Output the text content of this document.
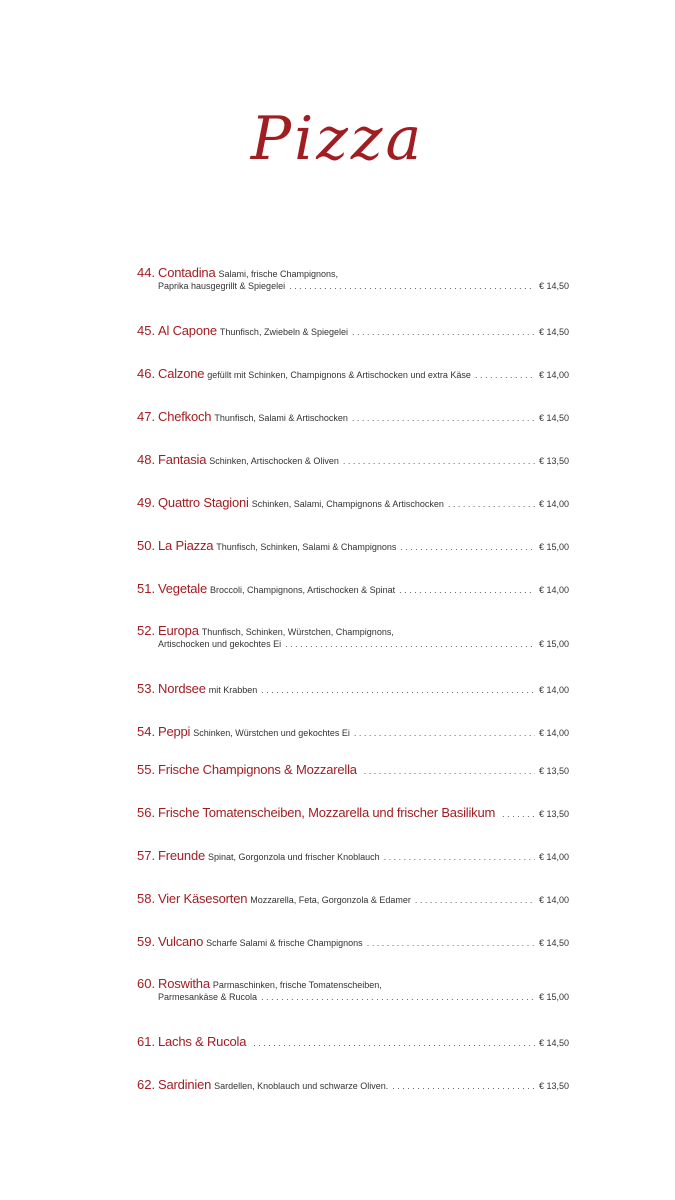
Pizza
44. Contadina Salami, frische Champignons,
Paprika hausgegrillt & Spiegelei . . .	€ 14,50
45. Al Capone Thunfisch, Zwiebeln & Spiegelei . . .	€ 14,50
46. Calzone gefüllt mit Schinken, Champignons & Artischocken und extra Käse . . .	€ 14,00
47. Chefkoch Thunfisch, Salami & Artischocken . . .	€ 14,50
48. Fantasia Schinken, Artischocken & Oliven . . .	€ 13,50
49. Quattro Stagioni Schinken, Salami, Champignons & Artischocken . . .	€ 14,00
50. La Piazza Thunfisch, Schinken, Salami & Champignons . . .	€ 15,00
51. Vegetale Broccoli, Champignons, Artischocken & Spinat . . .	€ 14,00
52. Europa Thunfisch, Schinken, Würstchen, Champignons,
Artischocken und gekochtes Ei . . .	€ 15,00
53. Nordsee mit Krabben . . .	€ 14,00
54. Peppi Schinken, Würstchen und gekochtes Ei . . .	€ 14,00
55. Frische Champignons & Mozzarella . . .	€ 13,50
56. Frische Tomatenscheiben, Mozzarella und frischer Basilikum . . .	€ 13,50
57. Freunde Spinat, Gorgonzola und frischer Knoblauch . . .	€ 14,00
58. Vier Käsesorten Mozzarella, Feta, Gorgonzola & Edamer . . .	€ 14,00
59. Vulcano Scharfe Salami & frische Champignons . . .	€ 14,50
60. Roswitha Parmaschinken, frische Tomatenscheiben,
Parmesankäse & Rucola . . .	€ 15,00
61. Lachs & Rucola . . .	€ 14,50
62. Sardinien Sardellen, Knoblauch und schwarze Oliven. . . .	€ 13,50
